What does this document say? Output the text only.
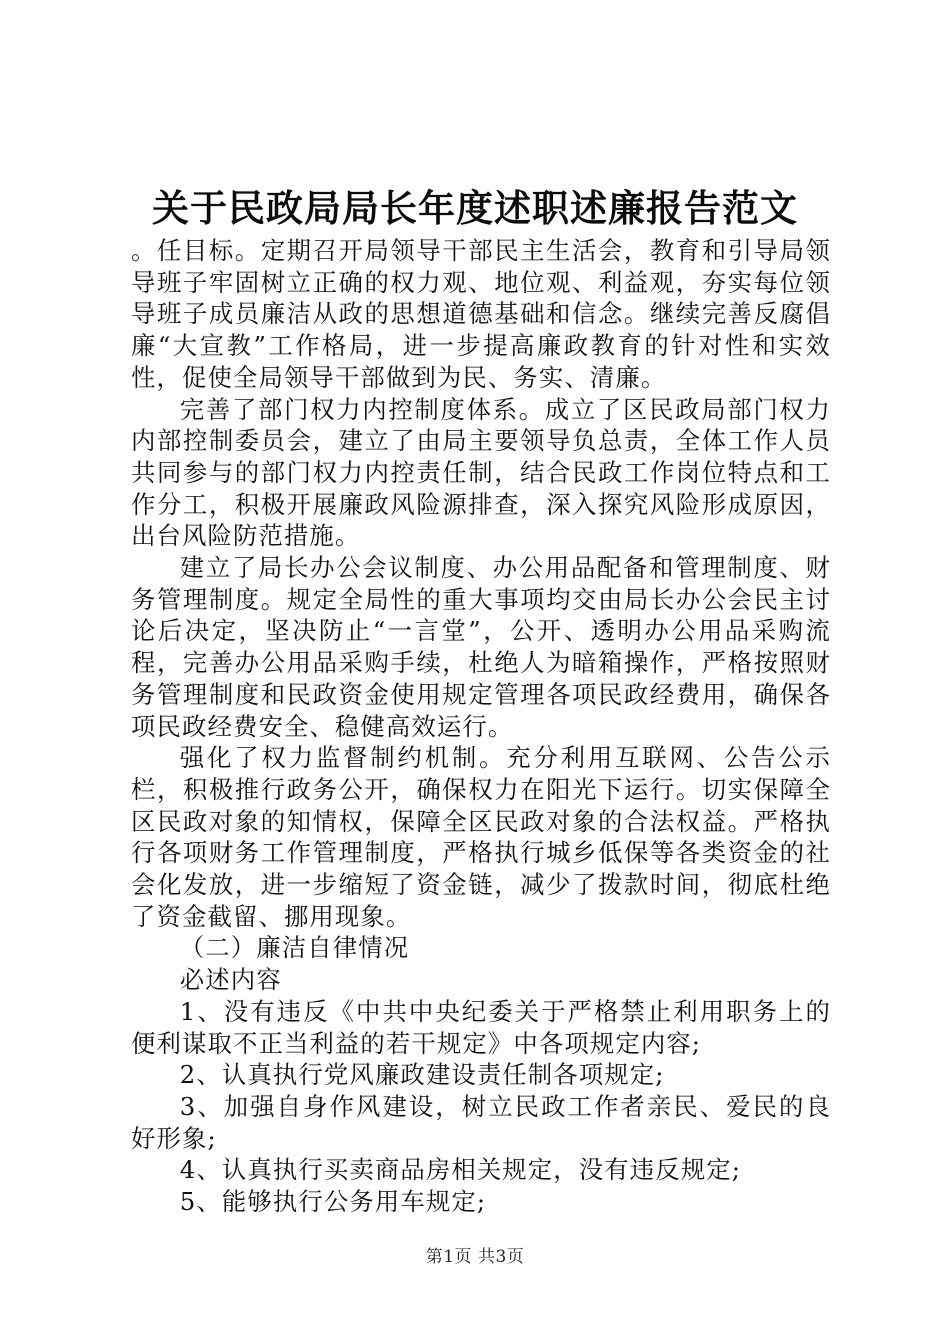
关于民政局局长年度述职述廉报告范文

。任目标。定期召开局领导干部民主生活会，教育和引导局领导班子牢固树立正确的权力观、地位观、利益观，夯实每位领导班子成员廉洁从政的思想道德基础和信念。继续完善反腐倡廉“大宣教”工作格局，进一步提高廉政教育的针对性和实效性，促使全局领导干部做到为民、务实、清廉。

完善了部门权力内控制度体系。成立了区民政局部门权力内部控制委员会，建立了由局主要领导负总责，全体工作人员共同参与的部门权力内控责任制，结合民政工作岗位特点和工作分工，积极开展廉政风险源排查，深入探究风险形成原因，出台风险防范措施。

建立了局长办公会议制度、办公用品配备和管理制度、财务管理制度。规定全局性的重大事项均交由局长办公会民主讨论后决定，坚决防止“一言堂”，公开、透明办公用品采购流程，完善办公用品采购手续，杜绝人为暗箱操作，严格按照财务管理制度和民政资金使用规定管理各项民政经费用，确保各项民政经费安全、稳健高效运行。

强化了权力监督制约机制。充分利用互联网、公告公示栏，积极推行政务公开，确保权力在阳光下运行。切实保障全区民政对象的知情权，保障全区民政对象的合法权益。严格执行各项财务工作管理制度，严格执行城乡低保等各类资金的社会化发放，进一步缩短了资金链，减少了拨款时间，彻底杜绝了资金截留、挪用现象。

（二）廉洁自律情况

必述内容

1、没有违反《中共中央纪委关于严格禁止利用职务上的便利谋取不正当利益的若干规定》中各项规定内容;

2、认真执行党风廉政建设责任制各项规定;

3、加强自身作风建设，树立民政工作者亲民、爱民的良好形象;

4、认真执行买卖商品房相关规定，没有违反规定;

5、能够执行公务用车规定;

第1页 共3页
